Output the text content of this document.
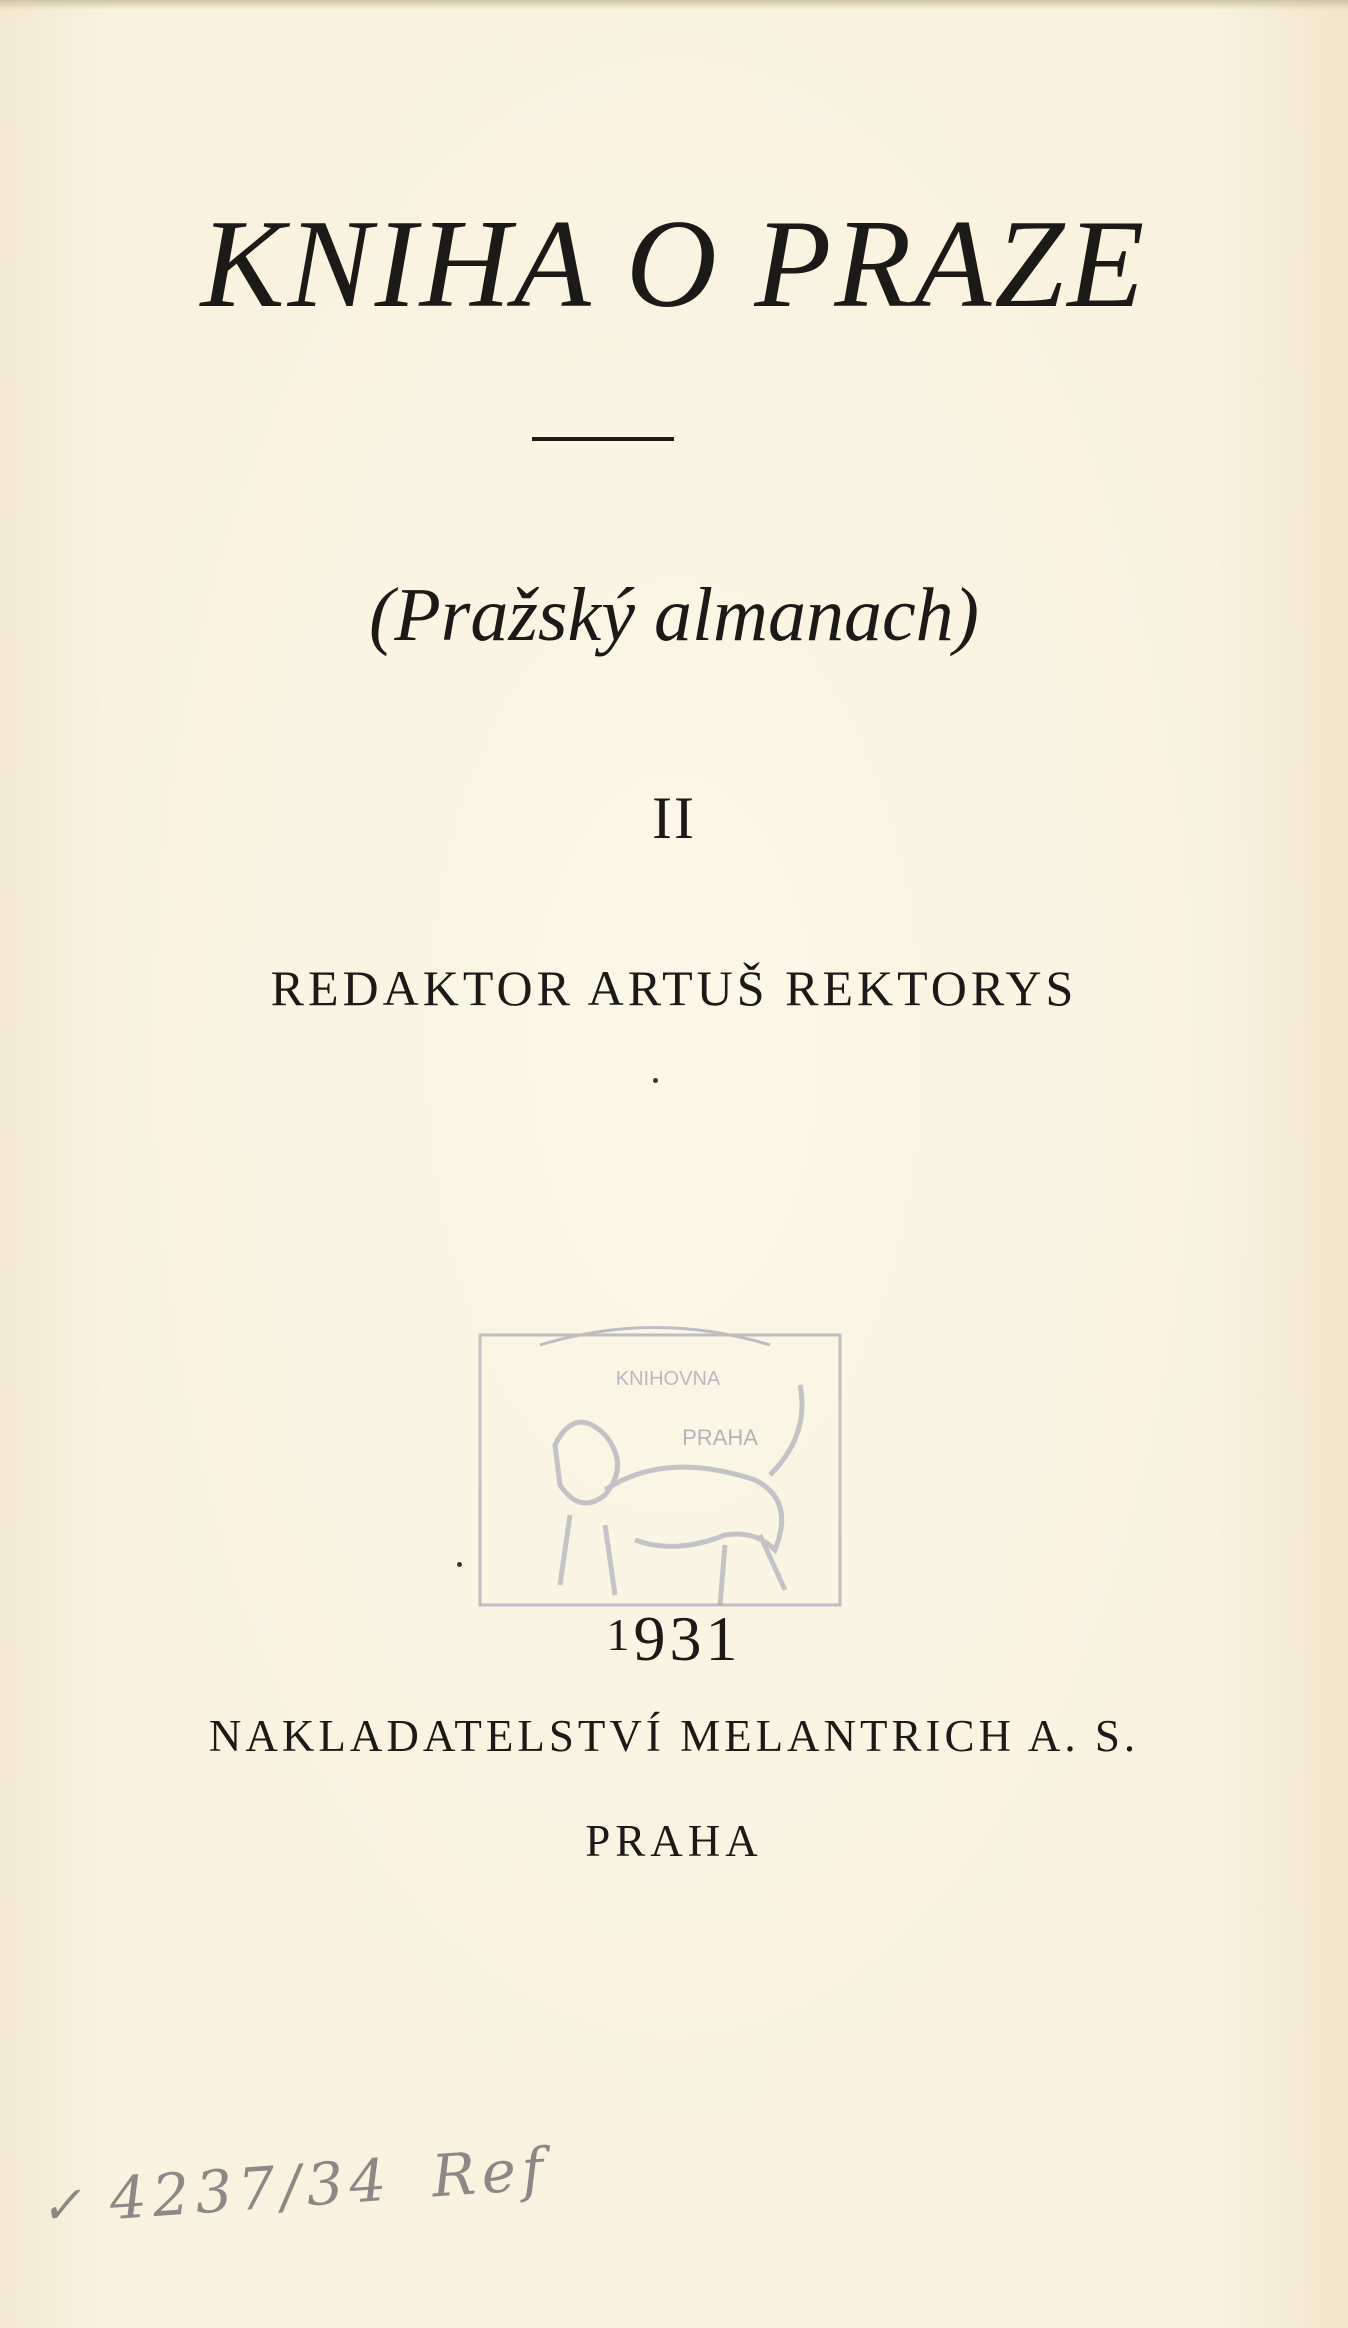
KNIHA O PRAZE
(Pražský almanach)
II
REDAKTOR ARTUŠ REKTORYS
KNIHOVNA
PRAHA
1931
NAKLADATELSTVÍ MELANTRICH A. S.
PRAHA
✓ 4237/34 Ref
